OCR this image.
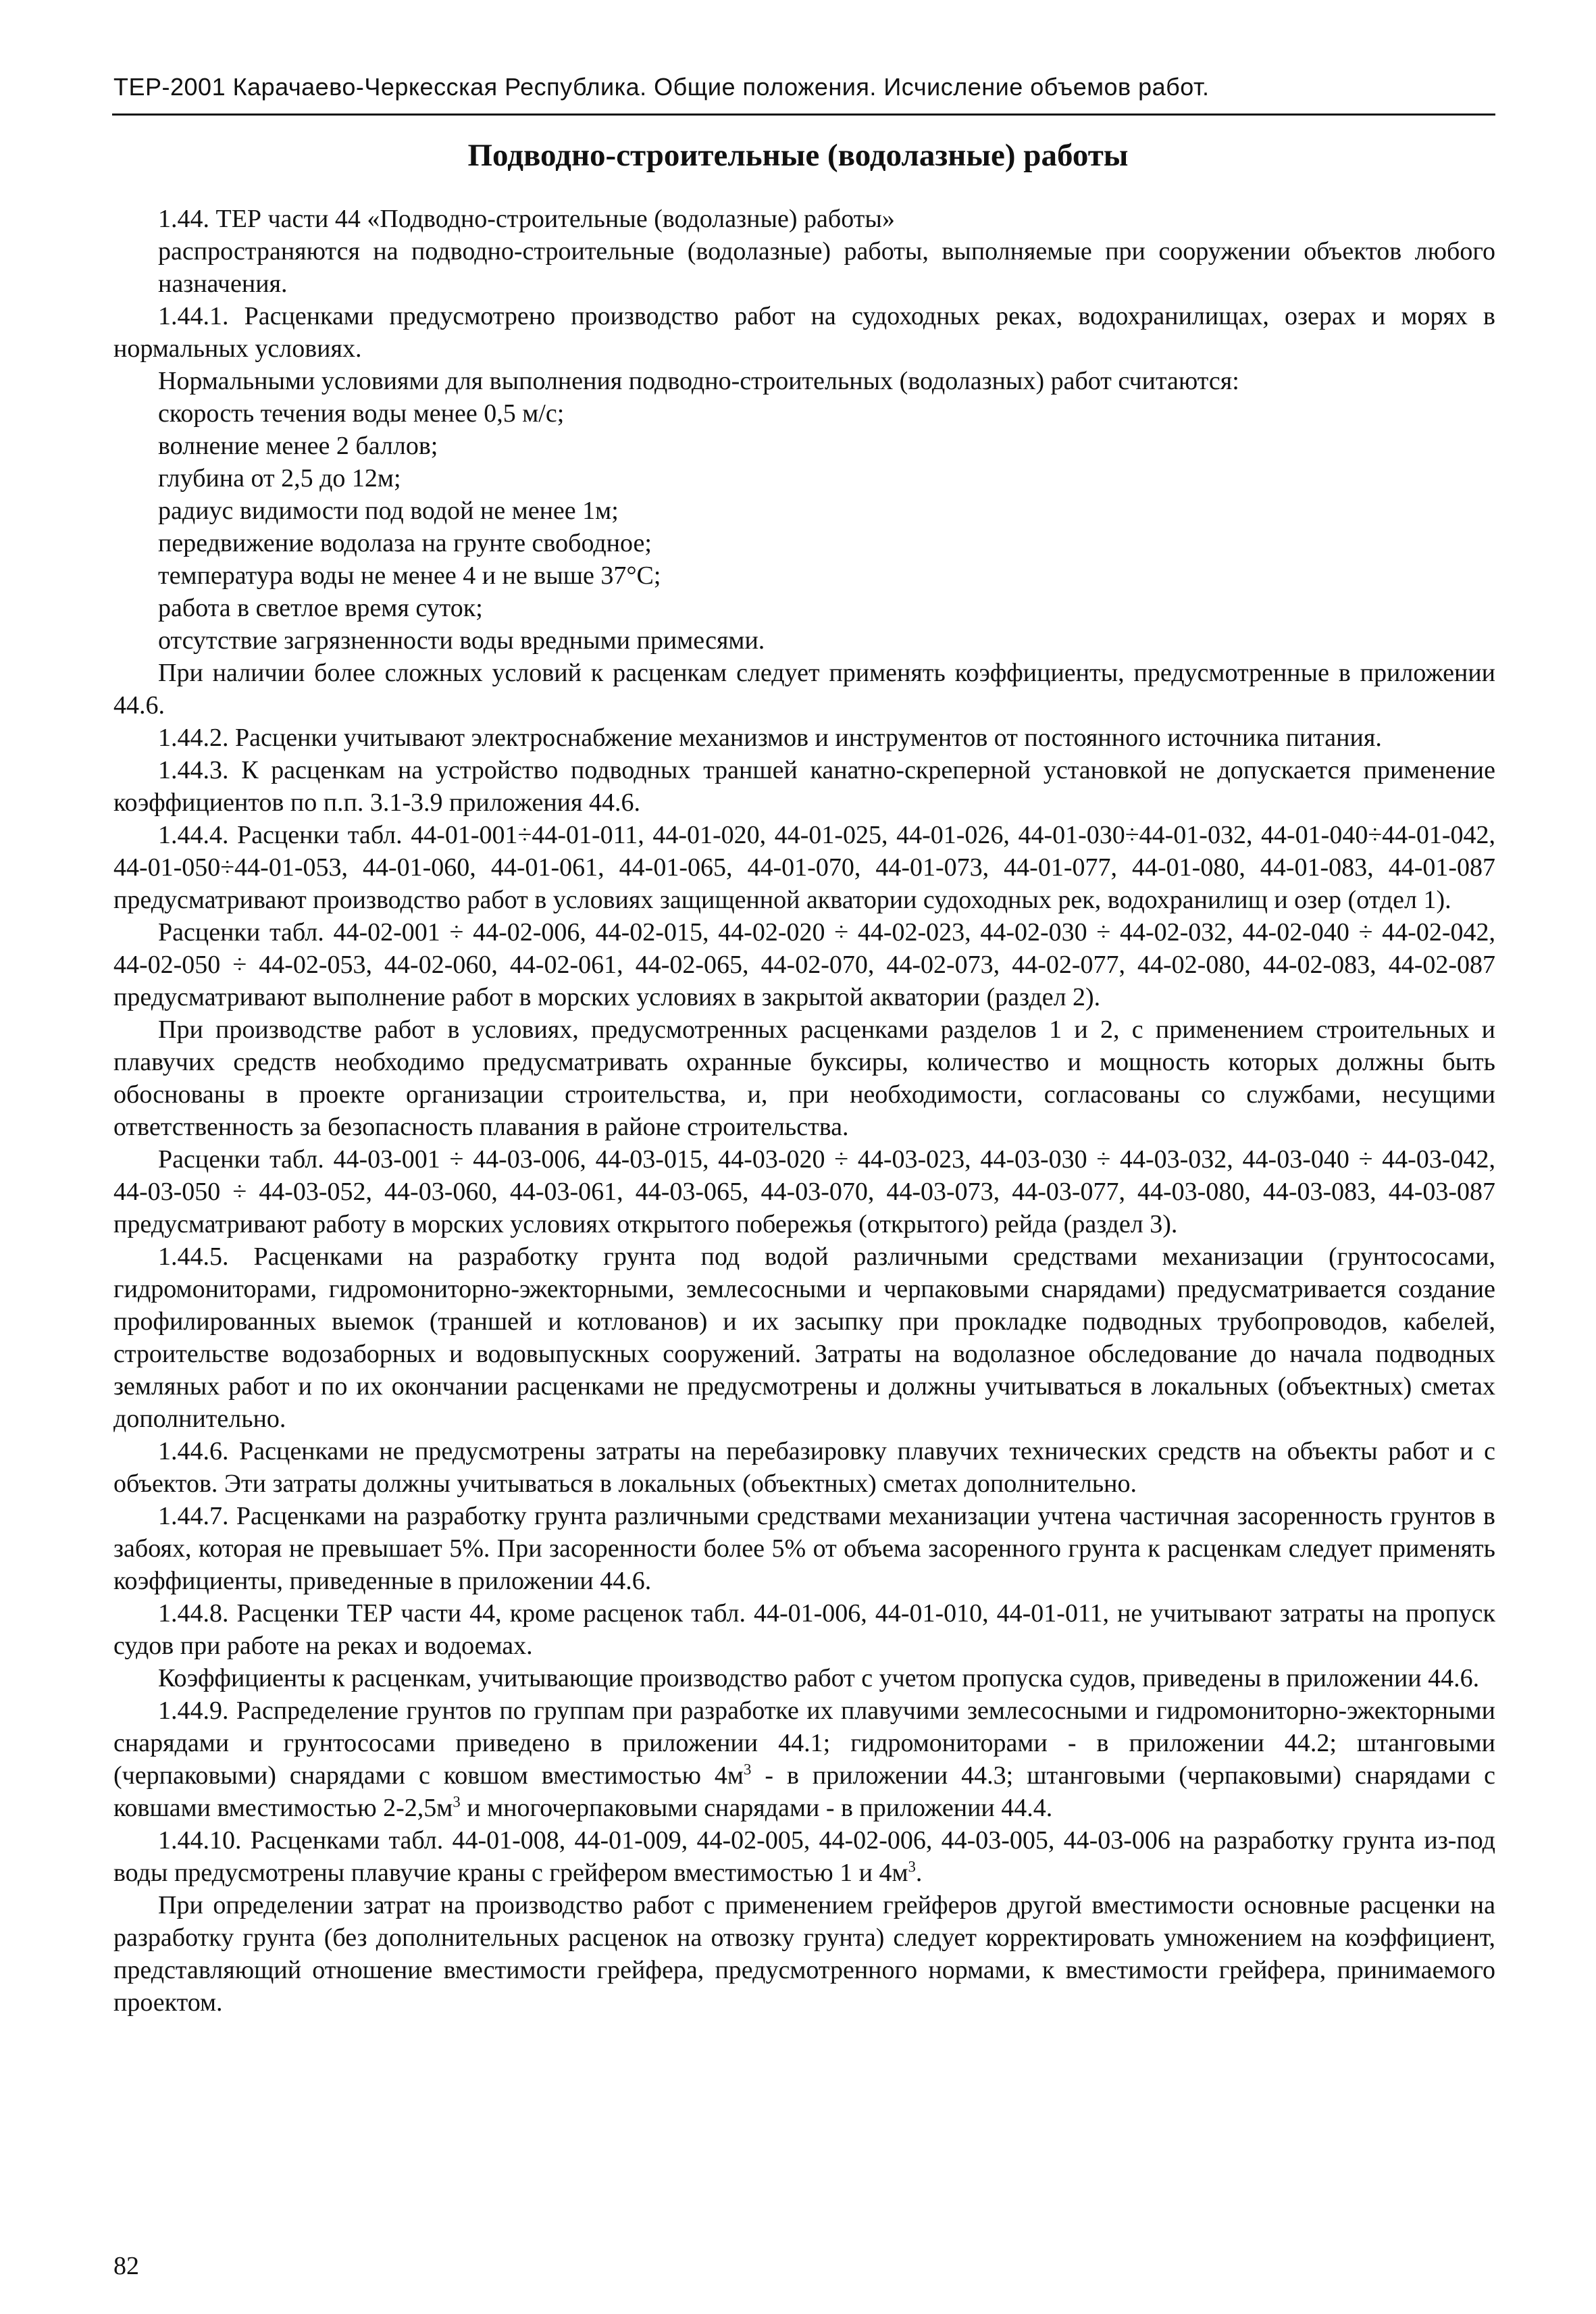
ТЕР-2001 Карачаево-Черкесская Республика. Общие положения. Исчисление объемов работ.
Подводно-строительные (водолазные) работы

1.44. ТЕР части 44 «Подводно-строительные (водолазные) работы»

распространяются на подводно-строительные (водолазные) работы, выполняемые при сооружении объектов любого назначения.

1.44.1. Расценками предусмотрено производство работ на судоходных реках, водохранилищах, озерах и морях в нормальных условиях.

Нормальными условиями для выполнения подводно-строительных (водолазных) работ считаются:

скорость течения воды менее 0,5 м/с;

волнение менее 2 баллов;

глубина от 2,5 до 12м;

радиус видимости под водой не менее 1м;

передвижение водолаза на грунте свободное;

температура воды не менее 4 и не выше 37°С;

работа в светлое время суток;

отсутствие загрязненности воды вредными примесями.

При наличии более сложных условий к расценкам следует применять коэффициенты, предусмотренные в приложении 44.6.

1.44.2. Расценки учитывают электроснабжение механизмов и инструментов от постоянного источника питания.

1.44.3. К расценкам на устройство подводных траншей канатно-скреперной установкой не допускается применение коэффициентов по п.п. 3.1-3.9 приложения 44.6.

1.44.4. Расценки табл. 44-01-001÷44-01-011, 44-01-020, 44-01-025, 44-01-026, 44-01-030÷44-01-032, 44-01-040÷44-01-042, 44-01-050÷44-01-053, 44-01-060, 44-01-061, 44-01-065, 44-01-070, 44-01-073, 44-01-077, 44-01-080, 44-01-083, 44-01-087 предусматривают производство работ в условиях защищенной акватории судоходных рек, водохранилищ и озер (отдел 1).

Расценки табл. 44-02-001 ÷ 44-02-006, 44-02-015, 44-02-020 ÷ 44-02-023, 44-02-030 ÷ 44-02-032, 44-02-040 ÷ 44-02-042, 44-02-050 ÷ 44-02-053, 44-02-060, 44-02-061, 44-02-065, 44-02-070, 44-02-073, 44-02-077, 44-02-080, 44-02-083, 44-02-087 предусматривают выполнение работ в морских условиях в закрытой акватории (раздел 2).

При производстве работ в условиях, предусмотренных расценками разделов 1 и 2, с применением строительных и плавучих средств необходимо предусматривать охранные буксиры, количество и мощность которых должны быть обоснованы в проекте организации строительства, и, при необходимости, согласованы со службами, несущими ответственность за безопасность плавания в районе строительства.

Расценки табл. 44-03-001 ÷ 44-03-006, 44-03-015, 44-03-020 ÷ 44-03-023, 44-03-030 ÷ 44-03-032, 44-03-040 ÷ 44-03-042, 44-03-050 ÷ 44-03-052, 44-03-060, 44-03-061, 44-03-065, 44-03-070, 44-03-073, 44-03-077, 44-03-080, 44-03-083, 44-03-087 предусматривают работу в морских условиях открытого побережья (открытого) рейда (раздел 3).

1.44.5. Расценками на разработку грунта под водой различными средствами механизации (грунтососами, гидромониторами, гидромониторно-эжекторными, землесосными и черпаковыми снарядами) предусматривается создание профилированных выемок (траншей и котлованов) и их засыпку при прокладке подводных трубопроводов, кабелей, строительстве водозаборных и водовыпускных сооружений. Затраты на водолазное обследование до начала подводных земляных работ и по их окончании расценками не предусмотрены и должны учитываться в локальных (объектных) сметах дополнительно.

1.44.6. Расценками не предусмотрены затраты на перебазировку плавучих технических средств на объекты работ и с объектов. Эти затраты должны учитываться в локальных (объектных) сметах дополнительно.

1.44.7. Расценками на разработку грунта различными средствами механизации учтена частичная засоренность грунтов в забоях, которая не превышает 5%. При засоренности более 5% от объема засоренного грунта к расценкам следует применять коэффициенты, приведенные в приложении 44.6.

1.44.8. Расценки ТЕР части 44, кроме расценок табл. 44-01-006, 44-01-010, 44-01-011, не учитывают затраты на пропуск судов при работе на реках и водоемах.

Коэффициенты к расценкам, учитывающие производство работ с учетом пропуска судов, приведены в приложении 44.6.

1.44.9. Распределение грунтов по группам при разработке их плавучими землесосными и гидромониторно-эжекторными снарядами и грунтососами приведено в приложении 44.1; гидромониторами - в приложении 44.2; штанговыми (черпаковыми) снарядами с ковшом вместимостью $4м^3$ - в приложении 44.3; штанговыми (черпаковыми) снарядами с ковшами вместимостью $2-2,5м^3$ и многочерпаковыми снарядами - в приложении 44.4.

1.44.10. Расценками табл. 44-01-008, 44-01-009, 44-02-005, 44-02-006, 44-03-005, 44-03-006 на разработку грунта из-под воды предусмотрены плавучие краны с грейфером вместимостью 1 и $4м^3$.

При определении затрат на производство работ с применением грейферов другой вместимости основные расценки на разработку грунта (без дополнительных расценок на отвозку грунта) следует корректировать умножением на коэффициент, представляющий отношение вместимости грейфера, предусмотренного нормами, к вместимости грейфера, принимаемого проектом.

82
